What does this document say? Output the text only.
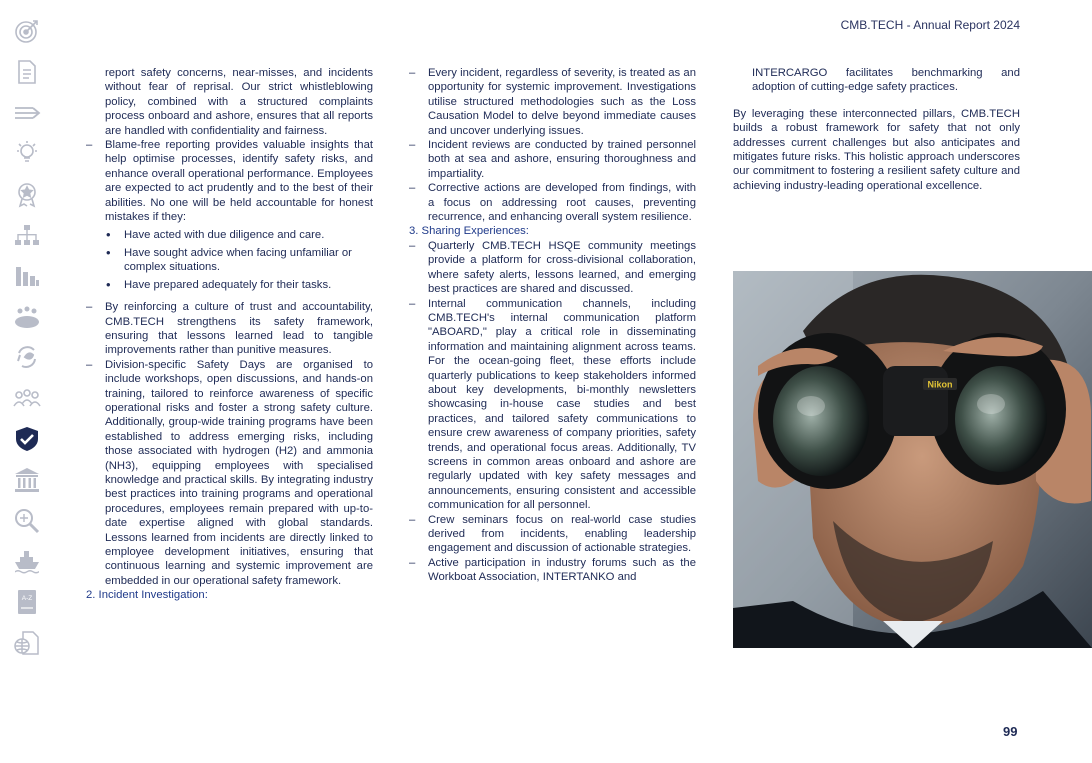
CMB.TECH - Annual Report 2024
A-Z

report safety concerns, near-misses, and incidents without fear of reprisal. Our strict whistleblowing policy, combined with a structured complaints process onboard and ashore, ensures that all reports are handled with confidentiality and fairness.

– Blame-free reporting provides valuable insights that help optimise processes, identify safety risks, and enhance overall operational performance. Employees are expected to act prudently and to the best of their abilities. No one will be held accountable for honest mistakes if they:

• Have acted with due diligence and care.
• Have sought advice when facing unfamiliar or complex situations.
• Have prepared adequately for their tasks.

– By reinforcing a culture of trust and accountability, CMB.TECH strengthens its safety framework, ensuring that lessons learned lead to tangible improvements rather than punitive measures.

– Division-specific Safety Days are organised to include workshops, open discussions, and hands-on training, tailored to reinforce awareness of specific operational risks and foster a strong safety culture. Additionally, group-wide training programs have been established to address emerging risks, including those associated with hydrogen (H2) and ammonia (NH3), equipping employees with specialised knowledge and practical skills. By integrating industry best practices into training programs and operational procedures, employees remain prepared with up-to-date expertise aligned with global standards. Lessons learned from incidents are directly linked to employee development initiatives, ensuring that continuous learning and systemic improvement are embedded in our operational safety framework.

2. Incident Investigation:

– Every incident, regardless of severity, is treated as an opportunity for systemic improvement. Investigations utilise structured methodologies such as the Loss Causation Model to delve beyond immediate causes and uncover underlying issues.

– Incident reviews are conducted by trained personnel both at sea and ashore, ensuring thoroughness and impartiality.

– Corrective actions are developed from findings, with a focus on addressing root causes, preventing recurrence, and enhancing overall system resilience.

3. Sharing Experiences:

– Quarterly CMB.TECH HSQE community meetings provide a platform for cross-divisional collaboration, where safety alerts, lessons learned, and emerging best practices are shared and discussed.

– Internal communication channels, including CMB.TECH's internal communication platform "ABOARD," play a critical role in disseminating information and maintaining alignment across teams. For the ocean-going fleet, these efforts include quarterly publications to keep stakeholders informed about key developments, bi-monthly newsletters showcasing in-house case studies and best practices, and tailored safety communications to ensure crew awareness of company priorities, safety trends, and operational focus areas. Additionally, TV screens in common areas onboard and ashore are regularly updated with key safety messages and announcements, ensuring consistent and accessible communication for all personnel.

– Crew seminars focus on real-world case studies derived from incidents, enabling leadership engagement and discussion of actionable strategies.

– Active participation in industry forums such as the Workboat Association, INTERTANKO and

INTERCARGO facilitates benchmarking and adoption of cutting-edge safety practices.

By leveraging these interconnected pillars, CMB.TECH builds a robust framework for safety that not only addresses current challenges but also anticipates and mitigates future risks. This holistic approach underscores our commitment to fostering a resilient safety culture and achieving industry-leading operational excellence.

Nikon
99
